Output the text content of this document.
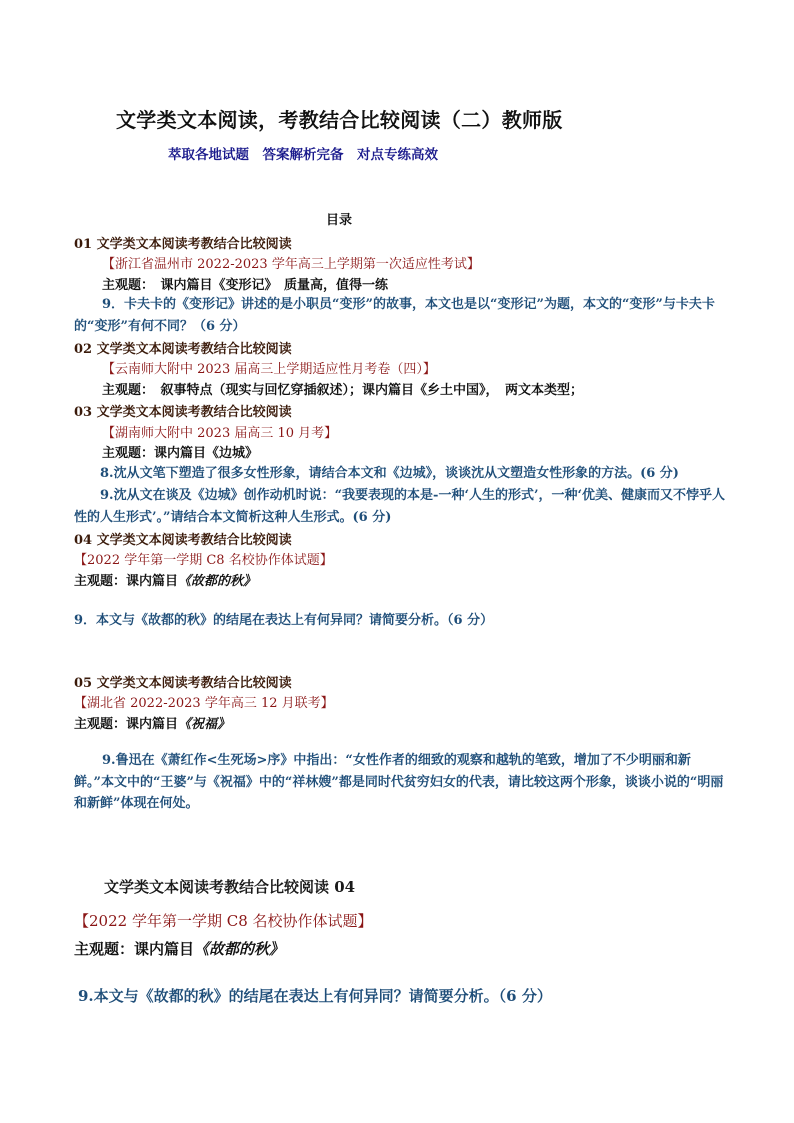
文学类文本阅读，考教结合比较阅读（二）教师版
萃取各地试题　答案解析完备　对点专练高效
目录
01 文学类文本阅读考教结合比较阅读
【浙江省温州市 2022-2023 学年高三上学期第一次适应性考试】
主观题：　课内篇目《变形记》　质量高，值得一练
9．卡夫卡的《变形记》讲述的是小职员“变形”的故事，本文也是以“变形记”为题，本文的“变形”与卡夫卡的“变形”有何不同？（6 分）
02 文学类文本阅读考教结合比较阅读
【云南师大附中 2023 届高三上学期适应性月考卷（四）】
主观题：　叙事特点（现实与回忆穿插叙述）；课内篇目《乡土中国》，　两文本类型；
03 文学类文本阅读考教结合比较阅读
【湖南师大附中 2023 届高三 10 月考】
主观题：课内篇目《边城》
8.沈从文笔下塑造了很多女性形象，请结合本文和《边城》，谈谈沈从文塑造女性形象的方法。(6 分)
9.沈从文在谈及《边城》创作动机时说：“我要表现的本是-一种‘人生的形式’，一种‘优美、健康而又不悖乎人性的人生形式’。”请结合本文简析这种人生形式。(6 分)
04 文学类文本阅读考教结合比较阅读
【2022 学年第一学期 C8 名校协作体试题】
主观题：课内篇目《故都的秋》
9．本文与《故都的秋》的结尾在表达上有何异同？请简要分析。（6 分）
05 文学类文本阅读考教结合比较阅读
【湖北省 2022-2023 学年高三 12 月联考】
主观题：课内篇目《祝福》
9.鲁迅在《萧红作<生死场>序》中指出：“女性作者的细致的观察和越轨的笔致，增加了不少明丽和新鲜。”本文中的“王婆”与《祝福》中的“祥林嫂”都是同时代贫穷妇女的代表，请比较这两个形象，谈谈小说的“明丽和新鲜”体现在何处。
文学类文本阅读考教结合比较阅读 04
【2022 学年第一学期 C8 名校协作体试题】
主观题：课内篇目《故都的秋》
9.本文与《故都的秋》的结尾在表达上有何异同？请简要分析。（6 分）
